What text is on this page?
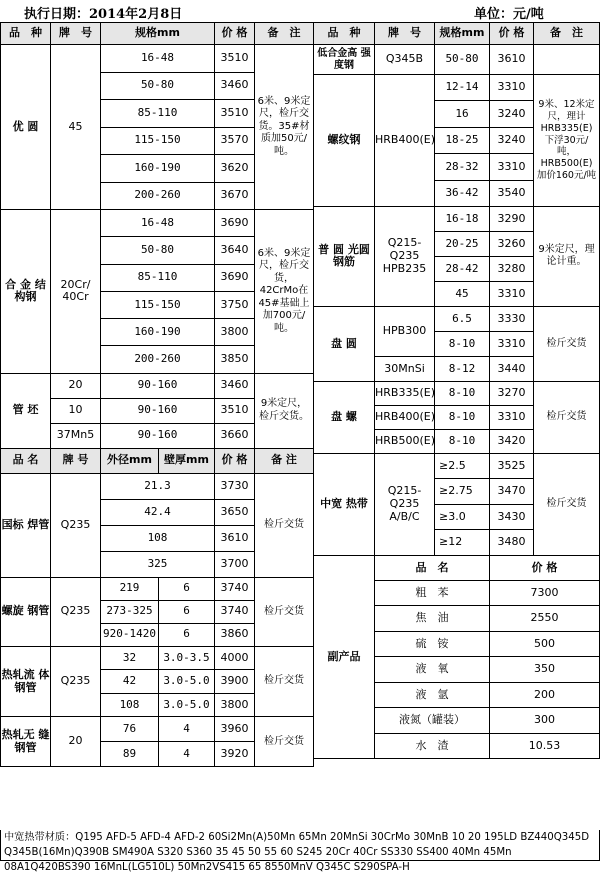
执行日期：2014年2月8日	单位：元/吨
品　种	牌　号	规格mm		价 格	备　注
优 圆	45	16-48		3510	6米、9米定尺，检斤交货。35#材质加50元/吨。
		50-80		3460	
		85-110		3510	
		115-150		3570	
		160-190		3620	
		200-260		3670	
合 金 结构钢	20Cr/ 40Cr	16-48		3690	6米、9米定尺，检斤交货，42CrMo在45#基础上加700元/吨。
		50-80		3640	
		85-110		3690	
		115-150		3750	
		160-190		3800	
		200-260		3850	
管 坯	20	90-160		3460	9米定尺，检斤交货。
	10	90-160		3510	
	37Mn5	90-160		3660	
品 名	牌 号	外径mm	壁厚mm	价 格	备 注
国标 焊管	Q235	21.3		3730	检斤交货
		42.4		3650	
		108		3610	
		325		3700	
螺旋 钢管	Q235	219	6	3740	检斤交货
		273-325	6	3740	
		920-1420	6	3860	
热轧流 体钢管	Q235	32	3.0-3.5	4000	检斤交货
		42	3.0-5.0	3900	
		108	3.0-5.0	3800	
热轧无 缝钢管	20	76	4	3960	检斤交货
		89	4	3920	
品　种	牌　号	规格mm	价 格	备　注
低合金高 强度钢	Q345B	50-80	3610	
螺纹钢	HRB400(E)	12-14	3310	9米、12米定尺，理计 HRB335(E)下浮30元/吨，HRB500(E)加价160元/吨
		16	3240	
		18-25	3240	
		28-32	3310	
		36-42	3540	
普 圆 光圆钢筋	Q215-Q235 HPB235	16-18	3290	9米定尺，理论计重。
		20-25	3260	
		28-42	3280	
		45	3310	
盘 圆	HPB300	6.5	3330	检斤交货
		8-10	3310	
	30MnSi	8-12	3440	
盘 螺	HRB335(E)	8-10	3270	检斤交货
	HRB400(E)	8-10	3310	
	HRB500(E)	8-10	3420	
中宽 热带	Q215-Q235 A/B/C	≥2.5	3525	检斤交货
		≥2.75	3470	
		≥3.0	3430	
		≥12	3480	
副产品	品　名		价 格	
	粗　苯		7300	
	焦　油		2550	
	硫　铵		500	
	液　氧		350	
	液　氩		200	
	液氮（罐装）		300	
	水　渣		10.53	
中宽热带材质：Q195 AFD-5 AFD-4 AFD-2 60Si2Mn(A)50Mn 65Mn 20MnSi 30CrMo 30MnB 10 20 195LD BZ440Q345D Q345B(16Mn)Q390B SM490A S320 S360 35 45 50 55 60 S245 20Cr 40Cr SS330 SS400 40Mn 45Mn 08A1Q420BS390 16MnL(LG510L) 50Mn2VS415 65 8550MnV Q345C S290SPA-H
